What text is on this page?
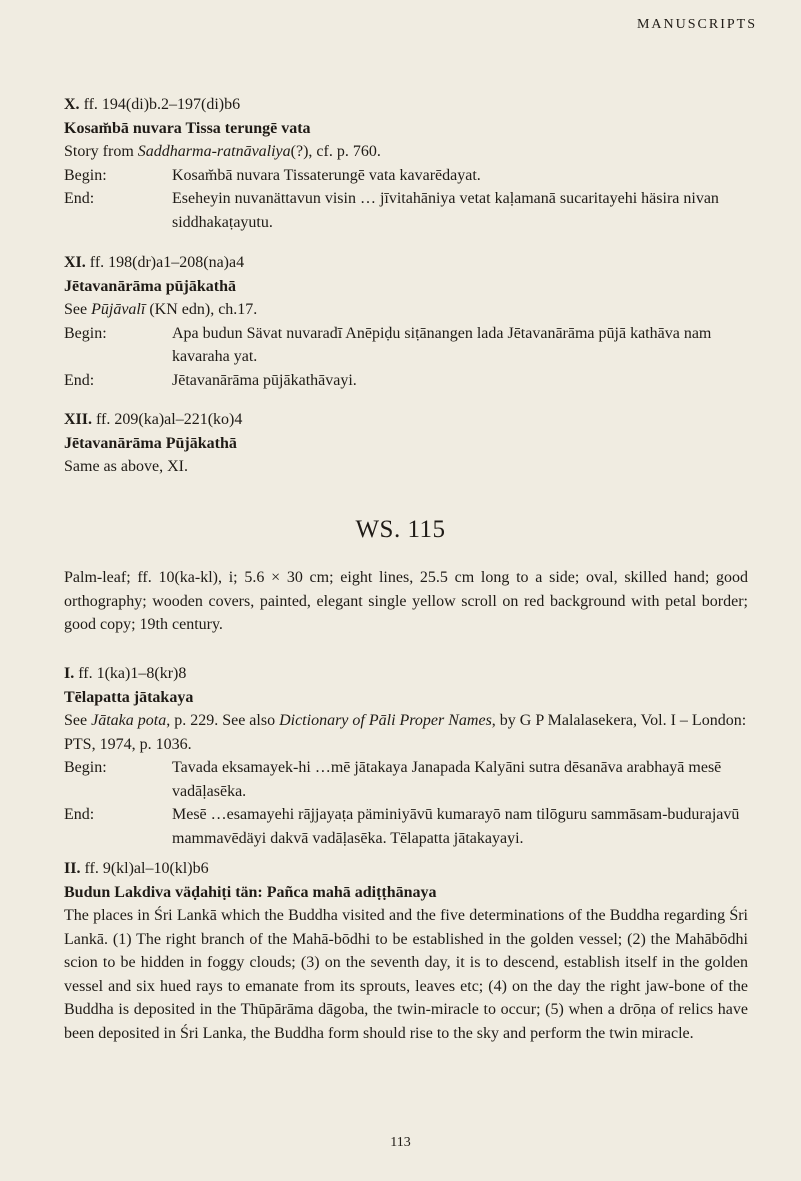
MANUSCRIPTS
X. ff. 194(di)b.2–197(di)b6
Kosam̆bā nuvara Tissa terungē vata
Story from Saddharma-ratnāvaliya(?), cf. p. 760.
Begin:	Kosam̆bā nuvara Tissaterungē vata kavarēdayat.
End:	Eseheyin nuvanättavun visin … jīvitahāniya vetat kaḷamanā sucaritayehi häsira nivan siddhakaṭayutu.
XI. ff. 198(dr)a1–208(na)a4
Jētavanārāma pūjākathā
See Pūjāvalī (KN edn), ch.17.
Begin:	Apa budun Sävat nuvaradī Anēpiḍu siṭānangen lada Jētavanārāma pūjā kathāva nam kavaraha yat.
End:	Jētavanārāma pūjākathāvayi.
XII. ff. 209(ka)al–221(ko)4
Jētavanārāma Pūjākathā
Same as above, XI.
WS. 115
Palm-leaf; ff. 10(ka-kl), i; 5.6 × 30 cm; eight lines, 25.5 cm long to a side; oval, skilled hand; good orthography; wooden covers, painted, elegant single yellow scroll on red background with petal border; good copy; 19th century.
I. ff. 1(ka)1–8(kr)8
Tēlapatta jātakaya
See Jātaka pota, p. 229. See also Dictionary of Pāli Proper Names, by G P Malalasekera, Vol. I – London: PTS, 1974, p. 1036.
Begin:	Tavada eksamayek-hi …mē jātakaya Janapada Kalyāni sutra dēsanāva arabhayā mesē vadāḷasēka.
End:	Mesē …esamayehi rājjayaṭa päminiyāvū kumarayō nam tilōguru sammāsam-budurajavū mammavēdäyi dakvā vadāḷasēka. Tēlapatta jātakayayi.
II. ff. 9(kl)al–10(kl)b6
Budun Lakdiva väḍahiṭi tän: Pañca mahā adiṭṭhānaya
The places in Śri Lankā which the Buddha visited and the five determinations of the Buddha regarding Śri Lankā. (1) The right branch of the Mahā-bōdhi to be established in the golden vessel; (2) the Mahābōdhi scion to be hidden in foggy clouds; (3) on the seventh day, it is to descend, establish itself in the golden vessel and six hued rays to emanate from its sprouts, leaves etc; (4) on the day the right jaw-bone of the Buddha is deposited in the Thūpārāma dāgoba, the twin-miracle to occur; (5) when a drōṇa of relics have been deposited in Śri Lanka, the Buddha form should rise to the sky and perform the twin miracle.
113
